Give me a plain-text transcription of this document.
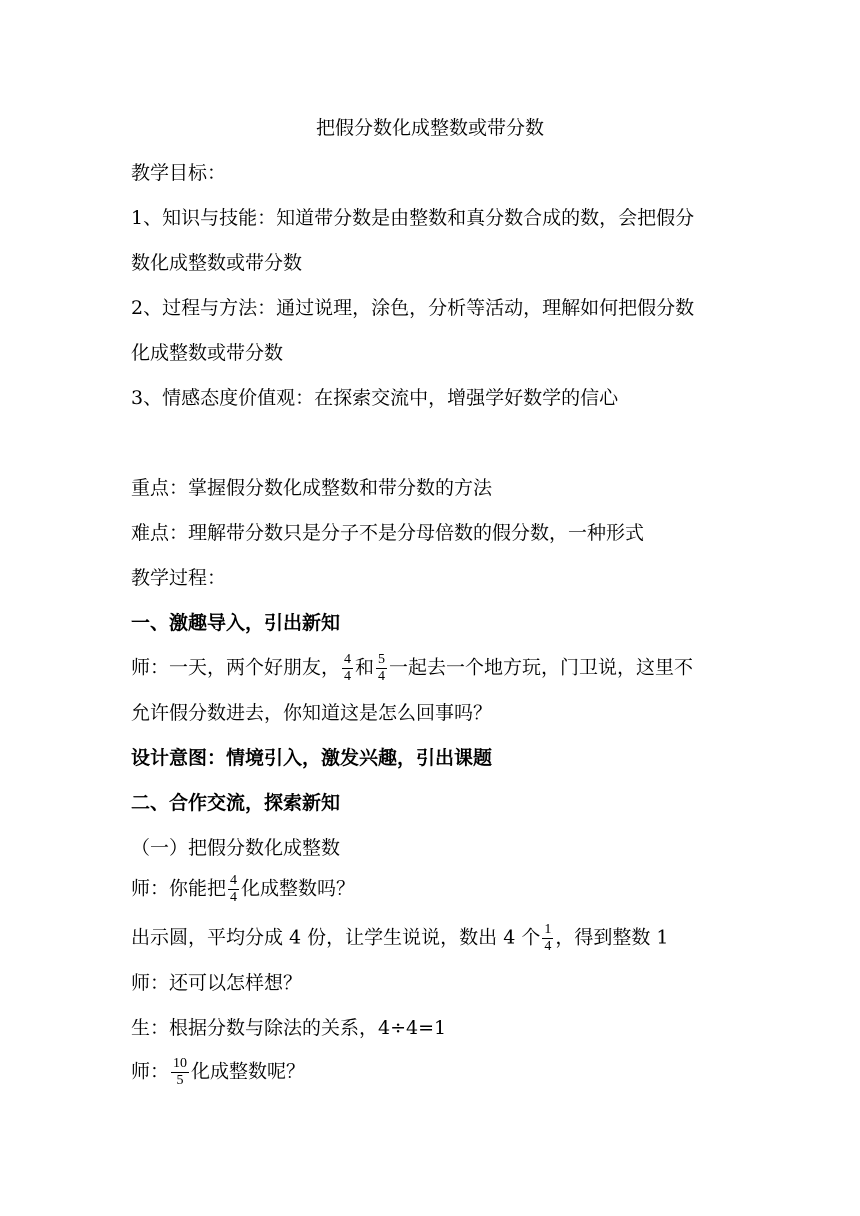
把假分数化成整数或带分数
教学目标：
1、知识与技能：知道带分数是由整数和真分数合成的数，会把假分
数化成整数或带分数
2、过程与方法：通过说理，涂色，分析等活动，理解如何把假分数
化成整数或带分数
3、情感态度价值观：在探索交流中，增强学好数学的信心
重点：掌握假分数化成整数和带分数的方法
难点：理解带分数只是分子不是分母倍数的假分数，一种形式
教学过程：
一、激趣导入，引出新知
师：一天，两个好朋友， $\frac{4}{4}$ 和 $\frac{5}{4}$ 一起去一个地方玩，门卫说，这里不
允许假分数进去，你知道这是怎么回事吗？
设计意图：情境引入，激发兴趣，引出课题
二、合作交流，探索新知
（一）把假分数化成整数
师：你能把 $\frac{4}{4}$ 化成整数吗？
出示圆，平均分成 4 份，让学生说说，数出 4 个 $\frac{1}{4}$ ，得到整数 1
师：还可以怎样想？
生：根据分数与除法的关系，4÷4=1
师： $\frac{10}{5}$ 化成整数呢？
